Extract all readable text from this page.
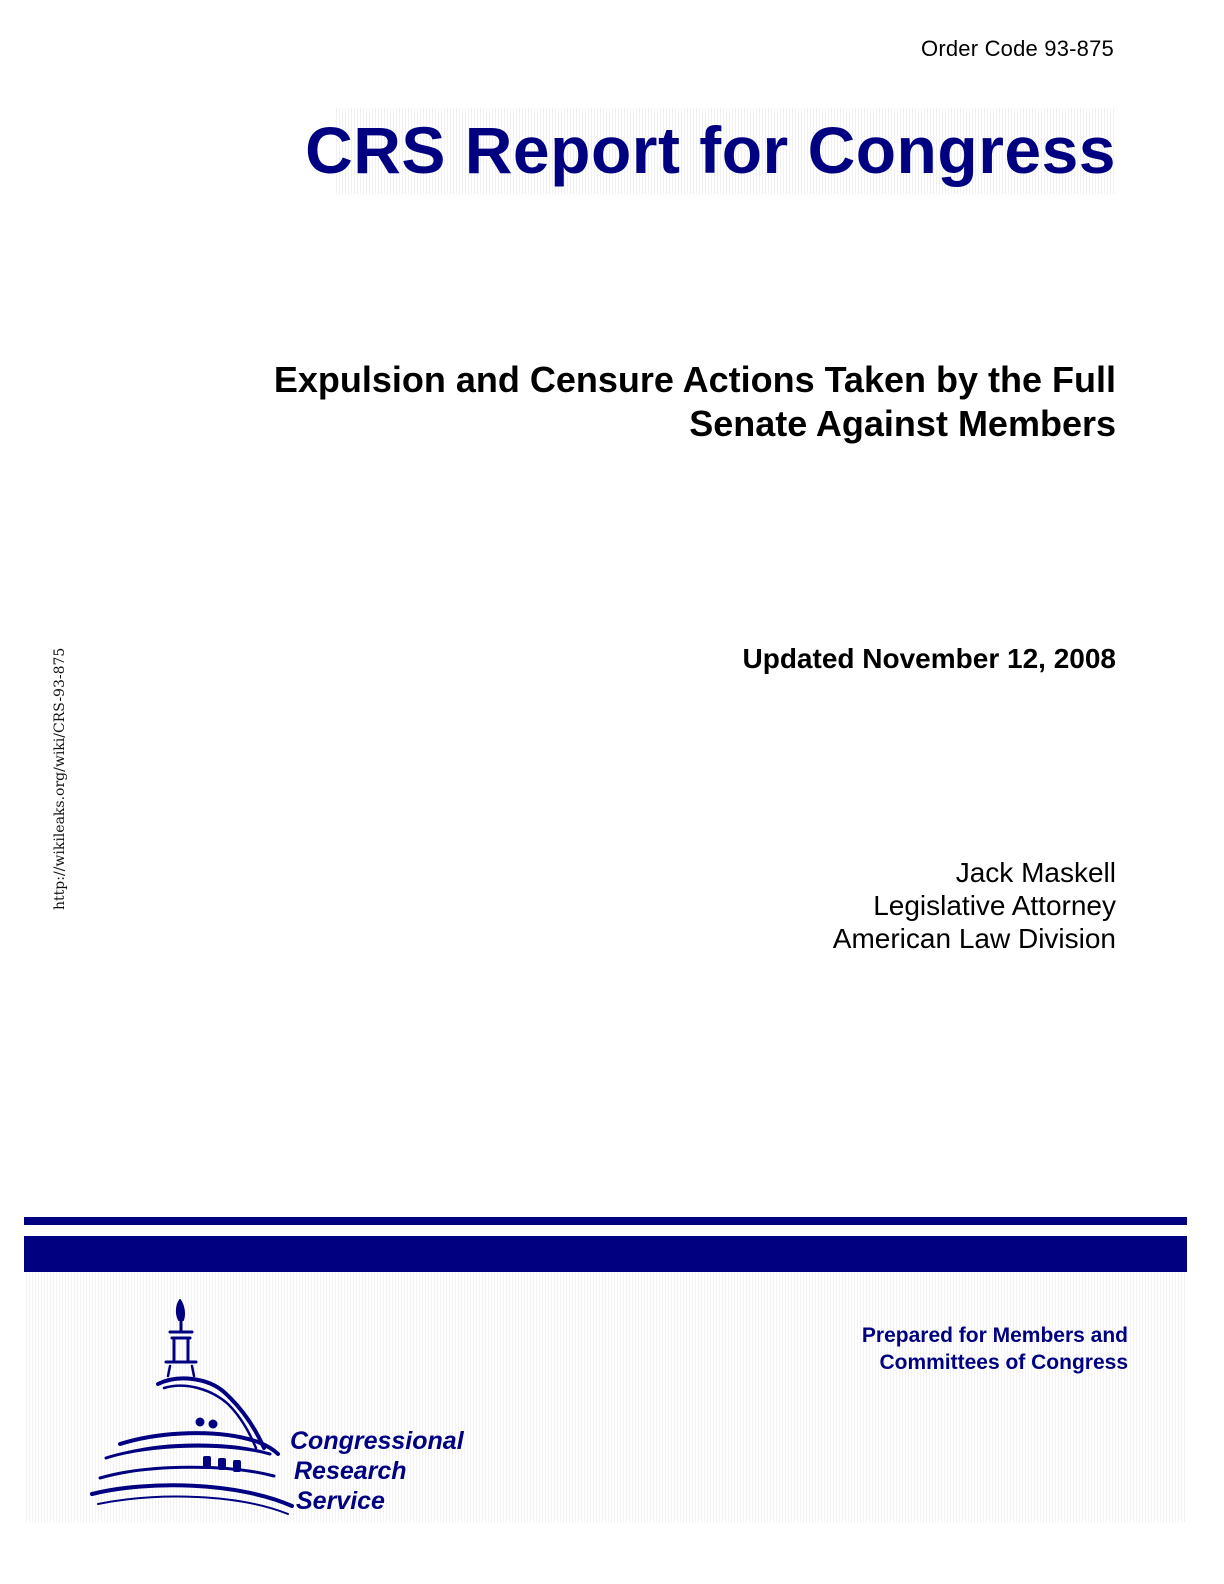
Order Code 93-875
CRS Report for Congress
Expulsion and Censure Actions Taken by the Full
Senate Against Members
Updated November 12, 2008
Jack Maskell
Legislative Attorney
American Law Division
http://wikileaks.org/wiki/CRS-93-875
Prepared for Members and
Committees of Congress
Congressional
Research
Service
